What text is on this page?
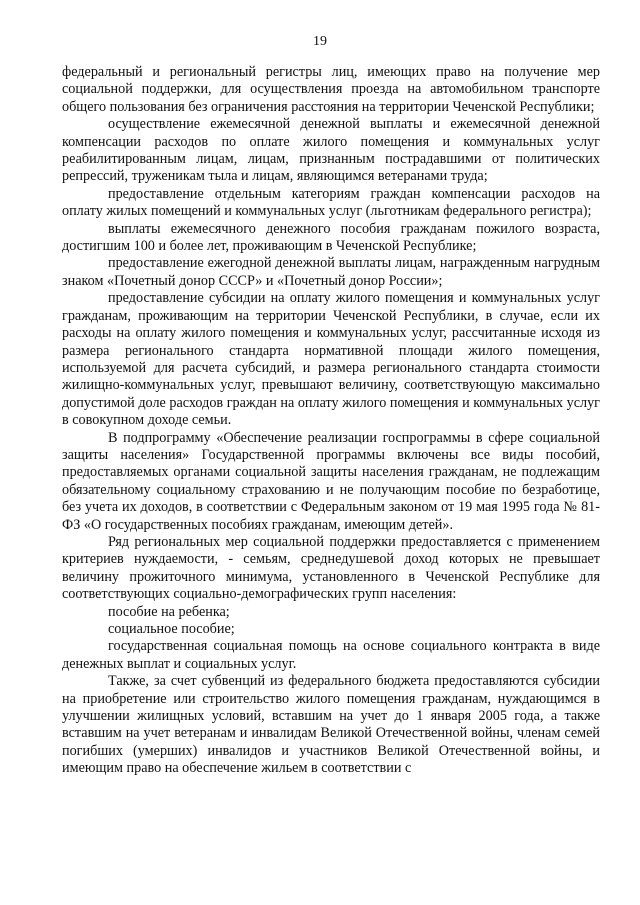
19

федеральный и региональный регистры лиц, имеющих право на получение мер социальной поддержки, для осуществления проезда на автомобильном транспорте общего пользования без ограничения расстояния на территории Чеченской Республики;

осуществление ежемесячной денежной выплаты и ежемесячной денежной компенсации расходов по оплате жилого помещения и коммунальных услуг реабилитированным лицам, лицам, признанным пострадавшими от политических репрессий, труженикам тыла и лицам, являющимся ветеранами труда;

предоставление отдельным категориям граждан компенсации расходов на оплату жилых помещений и коммунальных услуг (льготникам федерального регистра);

выплаты ежемесячного денежного пособия гражданам пожилого возраста, достигшим 100 и более лет, проживающим в Чеченской Республике;

предоставление ежегодной денежной выплаты лицам, награжденным нагрудным знаком «Почетный донор СССР» и «Почетный донор России»;

предоставление субсидии на оплату жилого помещения и коммунальных услуг гражданам, проживающим на территории Чеченской Республики, в случае, если их расходы на оплату жилого помещения и коммунальных услуг, рассчитанные исходя из размера регионального стандарта нормативной площади жилого помещения, используемой для расчета субсидий, и размера регионального стандарта стоимости жилищно-коммунальных услуг, превышают величину, соответствующую максимально допустимой доле расходов граждан на оплату жилого помещения и коммунальных услуг в совокупном доходе семьи.

В подпрограмму «Обеспечение реализации госпрограммы в сфере социальной защиты населения» Государственной программы включены все виды пособий, предоставляемых органами социальной защиты населения гражданам, не подлежащим обязательному социальному страхованию и не получающим пособие по безработице, без учета их доходов, в соответствии с Федеральным законом от 19 мая 1995 года № 81-ФЗ «О государственных пособиях гражданам, имеющим детей».

Ряд региональных мер социальной поддержки предоставляется с применением критериев нуждаемости, - семьям, среднедушевой доход которых не превышает величину прожиточного минимума, установленного в Чеченской Республике для соответствующих социально-демографических групп населения:

пособие на ребенка;

социальное пособие;

государственная социальная помощь на основе социального контракта в виде денежных выплат и социальных услуг.

Также, за счет субвенций из федерального бюджета предоставляются субсидии на приобретение или строительство жилого помещения гражданам, нуждающимся в улучшении жилищных условий, вставшим на учет до 1 января 2005 года, а также вставшим на учет ветеранам и инвалидам Великой Отечественной войны, членам семей погибших (умерших) инвалидов и участников Великой Отечественной войны, и имеющим право на обеспечение жильем в соответствии с
